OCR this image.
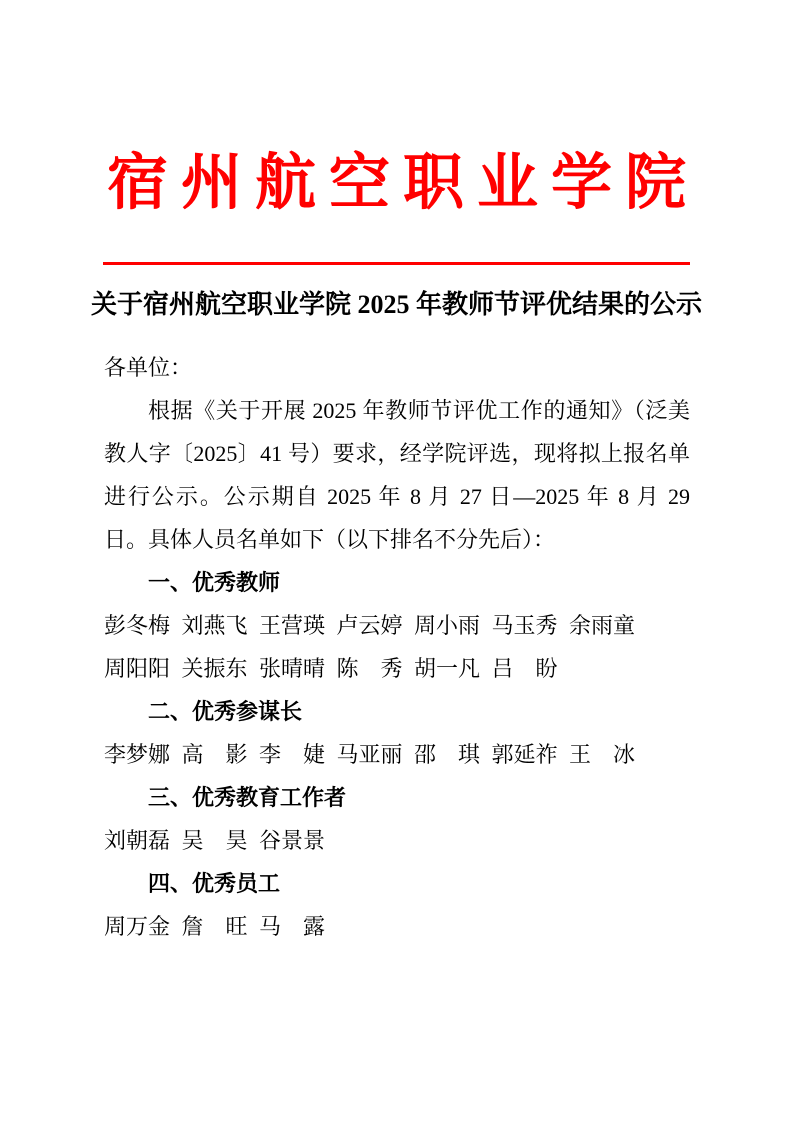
宿州航空职业学院
关于宿州航空职业学院 2025 年教师节评优结果的公示

各单位：

根据《关于开展 2025 年教师节评优工作的通知》（泛美教人字〔2025〕41 号）要求，经学院评选，现将拟上报名单进行公示。公示期自 2025 年 8 月 27 日—2025 年 8 月 29 日。具体人员名单如下（以下排名不分先后）：

一、优秀教师

彭冬梅 刘燕飞 王营瑛 卢云婷 周小雨 马玉秀 余雨童

周阳阳 关振东 张晴晴 陈　秀 胡一凡 吕　盼

二、优秀参谋长

李梦娜 高　影 李　婕 马亚丽 邵　琪 郭延祚 王　冰

三、优秀教育工作者

刘朝磊 吴　昊 谷景景

四、优秀员工

周万金 詹　旺 马　露
